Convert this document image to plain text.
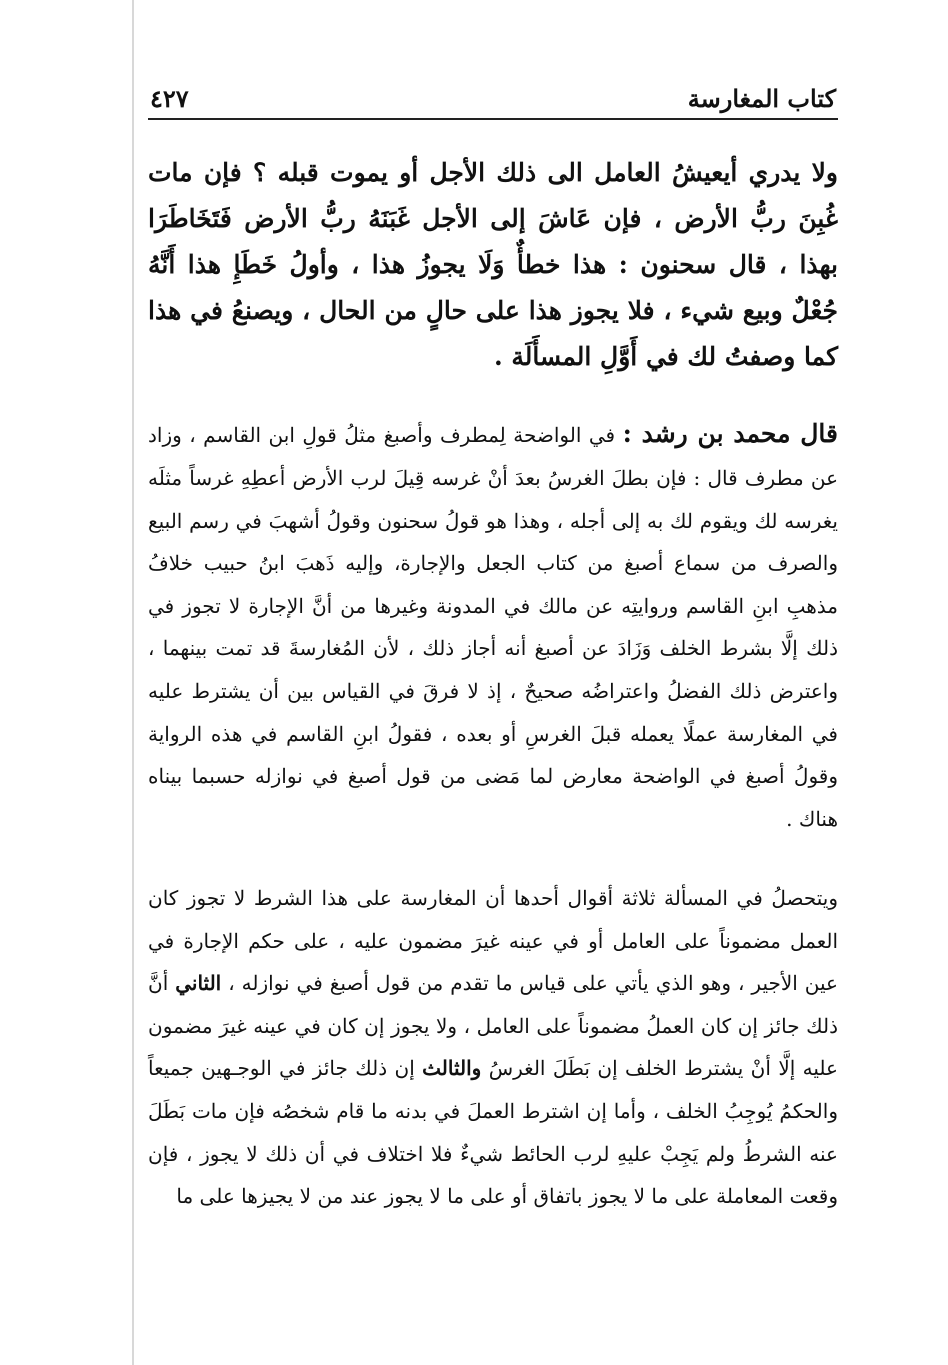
٤٢٧	كتاب المغارسة

ولا يدري أيعيشُ العامل الى ذلك الأجل أو يموت قبله ؟ فإن مات غُبِنَ ربُّ الأرض ، فإن عَاشَ إلى الأجل غَبَنَهُ ربُّ الأرض فَتَخَاطَرَا بهذا ، قال سحنون : هذا خطأٌ وَلَا يجوزُ هذا ، وأولُ خَطَإِ هذا أَنَّهُ جُعْلٌ وبيع شيء ، فلا يجوز هذا على حالٍ من الحال ، ويصنعُ في هذا كما وصفتُ لك في أَوَّلِ المسأَلَة .

قال محمد بن رشد : في الواضحة لِمطرف وأصبغ مثلُ قولِ ابن القاسم ، وزاد عن مطرف قال : فإن بطلَ الغرسُ بعدَ أنْ غرسه قِيلَ لرب الأرض أعطِهِ غرساً مثلَه يغرسه لك ويقوم لك به إلى أجله ، وهذا هو قولُ سحنون وقولُ أشهبَ في رسم البيع والصرف من سماع أصبغ من كتاب الجعل والإجارة، وإليه ذَهبَ ابنُ حبيب خلافُ مذهبِ ابنِ القاسم وروايتِه عن مالك في المدونة وغيرها من أنَّ الإجارة لا تجوز في ذلك إلَّا بشرط الخلف وَزَادَ عن أصبغ أنه أجاز ذلك ، لأن المُغارسةَ قد تمت بينهما ، واعترض ذلك الفضلُ واعتراضُه صحيحٌ ، إذ لا فرقَ في القياس بين أن يشترط عليه في المغارسة عملًا يعمله قبلَ الغرسِ أو بعده ، فقولُ ابنِ القاسم في هذه الرواية وقولُ أصبغ في الواضحة معارض لما مَضى من قول أصبغ في نوازله حسبما بيناه هناك .

ويتحصلُ في المسألة ثلاثة أقوال أحدها أن المغارسة على هذا الشرط لا تجوز كان العمل مضموناً على العامل أو في عينه غيرَ مضمون عليه ، على حكم الإجارة في عين الأجير ، وهو الذي يأتي على قياس ما تقدم من قول أصبغ في نوازله ، الثاني أنَّ ذلك جائز إن كان العملُ مضموناً على العامل ، ولا يجوز إن كان في عينه غيرَ مضمون عليه إلَّا أنْ يشترط الخلف إن بَطَلَ الغرسُ والثالث إن ذلك جائز في الوجـهين جميعاً والحكمُ يُوجِبُ الخلف ، وأما إن اشترط العملَ في بدنه ما قام شخصُه فإن مات بَطَلَ عنه الشرطُ ولم يَجِبْ عليهِ لرب الحائط شيءٌ فلا اختلاف في أن ذلك لا يجوز ، فإن وقعت المعاملة على ما لا يجوز باتفاق أو على ما لا يجوز عند من لا يجيزها على ما
